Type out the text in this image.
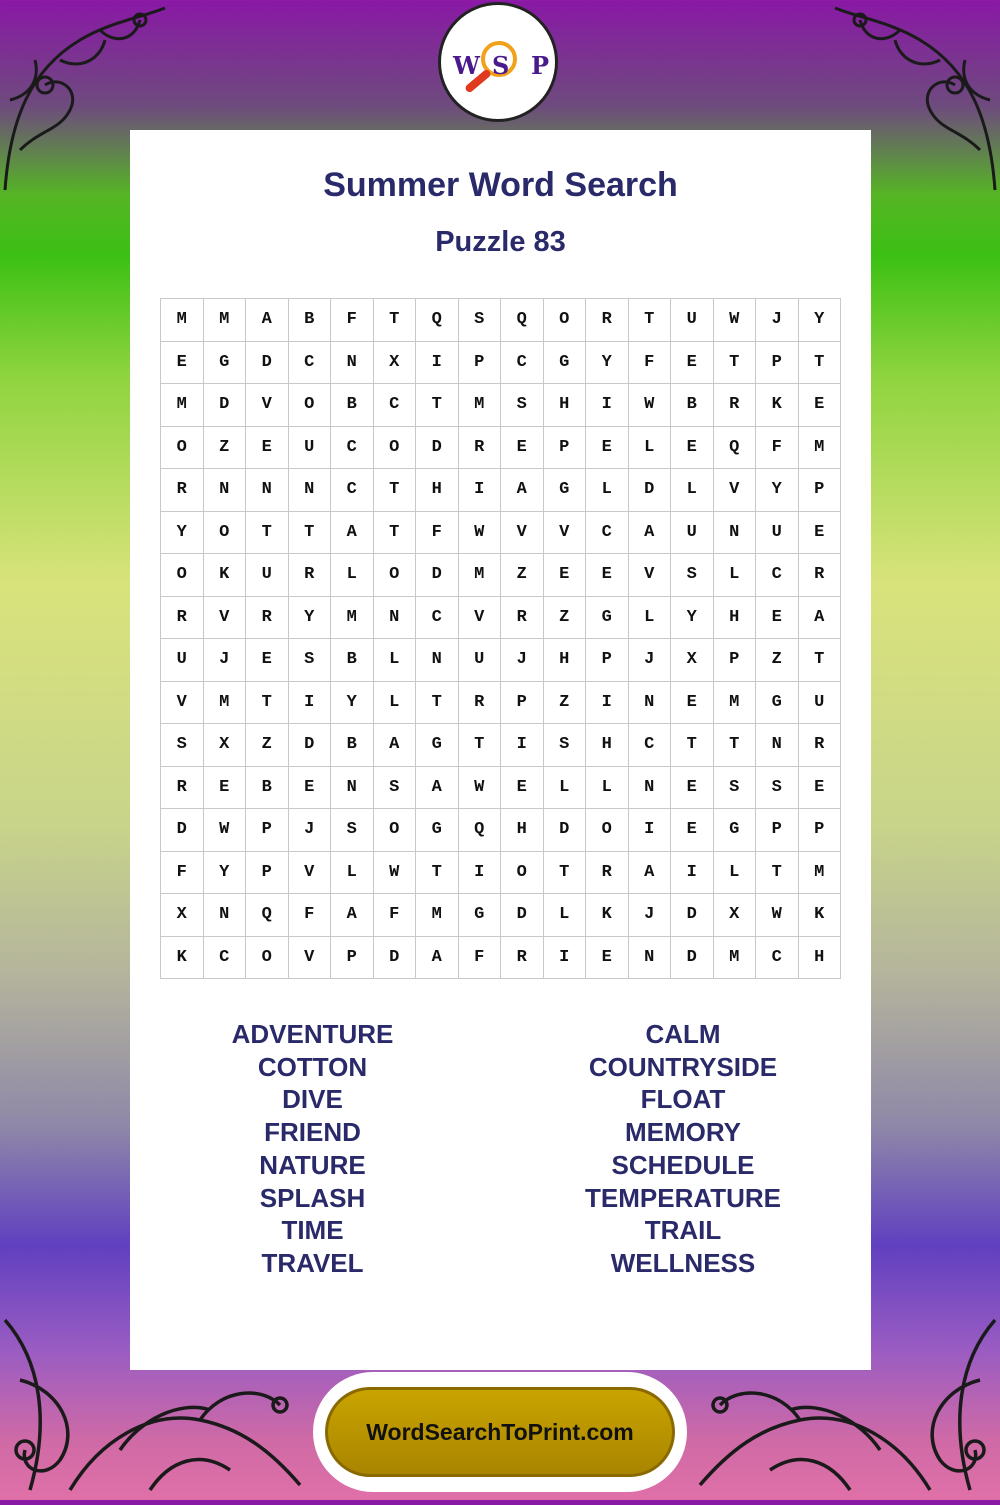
W S P
Summer Word Search
Puzzle 83
M	M	A	B	F	T	Q	S	Q	O	R	T	U	W	J	Y
E	G	D	C	N	X	I	P	C	G	Y	F	E	T	P	T
M	D	V	O	B	C	T	M	S	H	I	W	B	R	K	E
O	Z	E	U	C	O	D	R	E	P	E	L	E	Q	F	M
R	N	N	N	C	T	H	I	A	G	L	D	L	V	Y	P
Y	O	T	T	A	T	F	W	V	V	C	A	U	N	U	E
O	K	U	R	L	O	D	M	Z	E	E	V	S	L	C	R
R	V	R	Y	M	N	C	V	R	Z	G	L	Y	H	E	A
U	J	E	S	B	L	N	U	J	H	P	J	X	P	Z	T
V	M	T	I	Y	L	T	R	P	Z	I	N	E	M	G	U
S	X	Z	D	B	A	G	T	I	S	H	C	T	T	N	R
R	E	B	E	N	S	A	W	E	L	L	N	E	S	S	E
D	W	P	J	S	O	G	Q	H	D	O	I	E	G	P	P
F	Y	P	V	L	W	T	I	O	T	R	A	I	L	T	M
X	N	Q	F	A	F	M	G	D	L	K	J	D	X	W	K
K	C	O	V	P	D	A	F	R	I	E	N	D	M	C	H
ADVENTURE
COTTON
DIVE
FRIEND
NATURE
SPLASH
TIME
TRAVEL
CALM
COUNTRYSIDE
FLOAT
MEMORY
SCHEDULE
TEMPERATURE
TRAIL
WELLNESS
WordSearchToPrint.com
